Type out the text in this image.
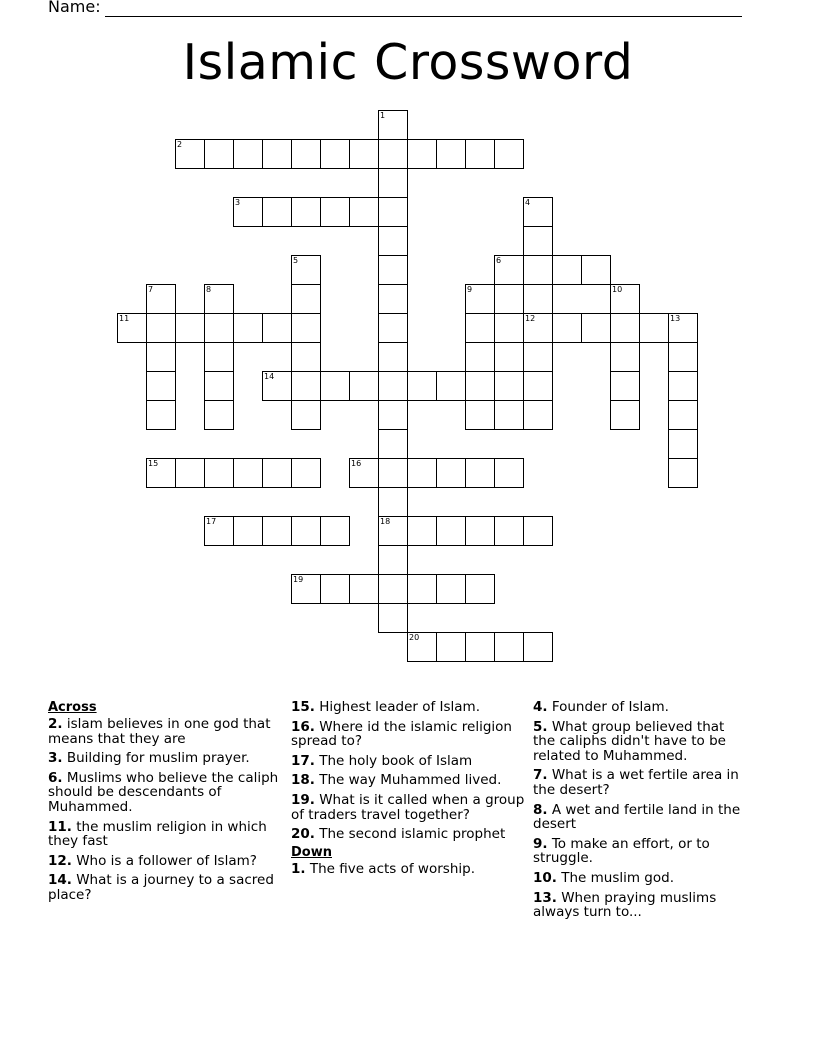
Name:
Islamic Crossword
1
2
3	4
5	6
7	8	9	10
11	12	13
14
15	16
17	18
19
20
Across
2. islam believes in one god that means that they are
3. Building for muslim prayer.
6. Muslims who believe the caliph should be descendants of Muhammed.
11. the muslim religion in which they fast
12. Who is a follower of Islam?
14. What is a journey to a sacred place?
15. Highest leader of Islam.
16. Where id the islamic religion spread to?
17. The holy book of Islam
18. The way Muhammed lived.
19. What is it called when a group of traders travel together?
20. The second islamic prophet
Down
1. The five acts of worship.
4. Founder of Islam.
5. What group believed that the caliphs didn't have to be related to Muhammed.
7. What is a wet fertile area in the desert?
8. A wet and fertile land in the desert
9. To make an effort, or to struggle.
10. The muslim god.
13. When praying muslims always turn to...
